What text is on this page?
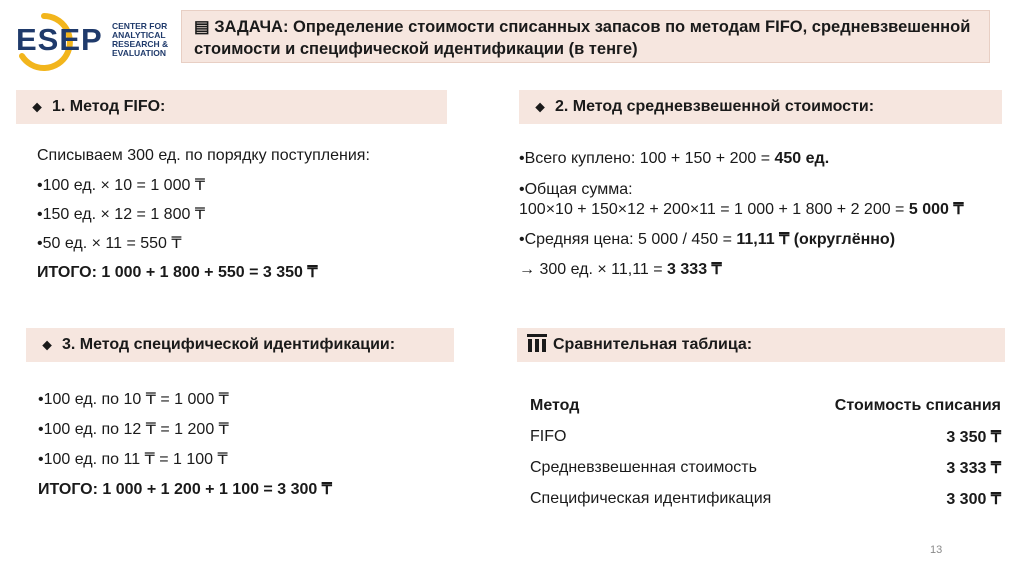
ESEP CENTER FOR ANALYTICAL RESEARCH & EVALUATION
▤ ЗАДАЧА: Определение стоимости списанных запасов по методам FIFO, средневзвешенной
стоимости и специфической идентификации (в тенге)
⬥ 1. Метод FIFO:
Списываем 300 ед. по порядку поступления:
•100 ед. × 10 = 1 000 ₸
•150 ед. × 12 = 1 800 ₸
•50 ед. × 11 = 550 ₸
ИТОГО: 1 000 + 1 800 + 550 = 3 350 ₸
⬥ 2. Метод средневзвешенной стоимости:
•Всего куплено: 100 + 150 + 200 = 450 ед.
•Общая сумма:
100×10 + 150×12 + 200×11 = 1 000 + 1 800 + 2 200 = 5 000 ₸
•Средняя цена: 5 000 / 450 = 11,11 ₸ (округлённо)
→ 300 ед. × 11,11 = 3 333 ₸
⬥ 3. Метод специфической идентификации:
•100 ед. по 10 ₸ = 1 000 ₸
•100 ед. по 12 ₸ = 1 200 ₸
•100 ед. по 11 ₸ = 1 100 ₸
ИТОГО: 1 000 + 1 200 + 1 100 = 3 300 ₸
Сравнительная таблица:
Метод	Стоимость списания
FIFO	3 350 ₸
Средневзвешенная стоимость	3 333 ₸
Специфическая идентификация	3 300 ₸
13
